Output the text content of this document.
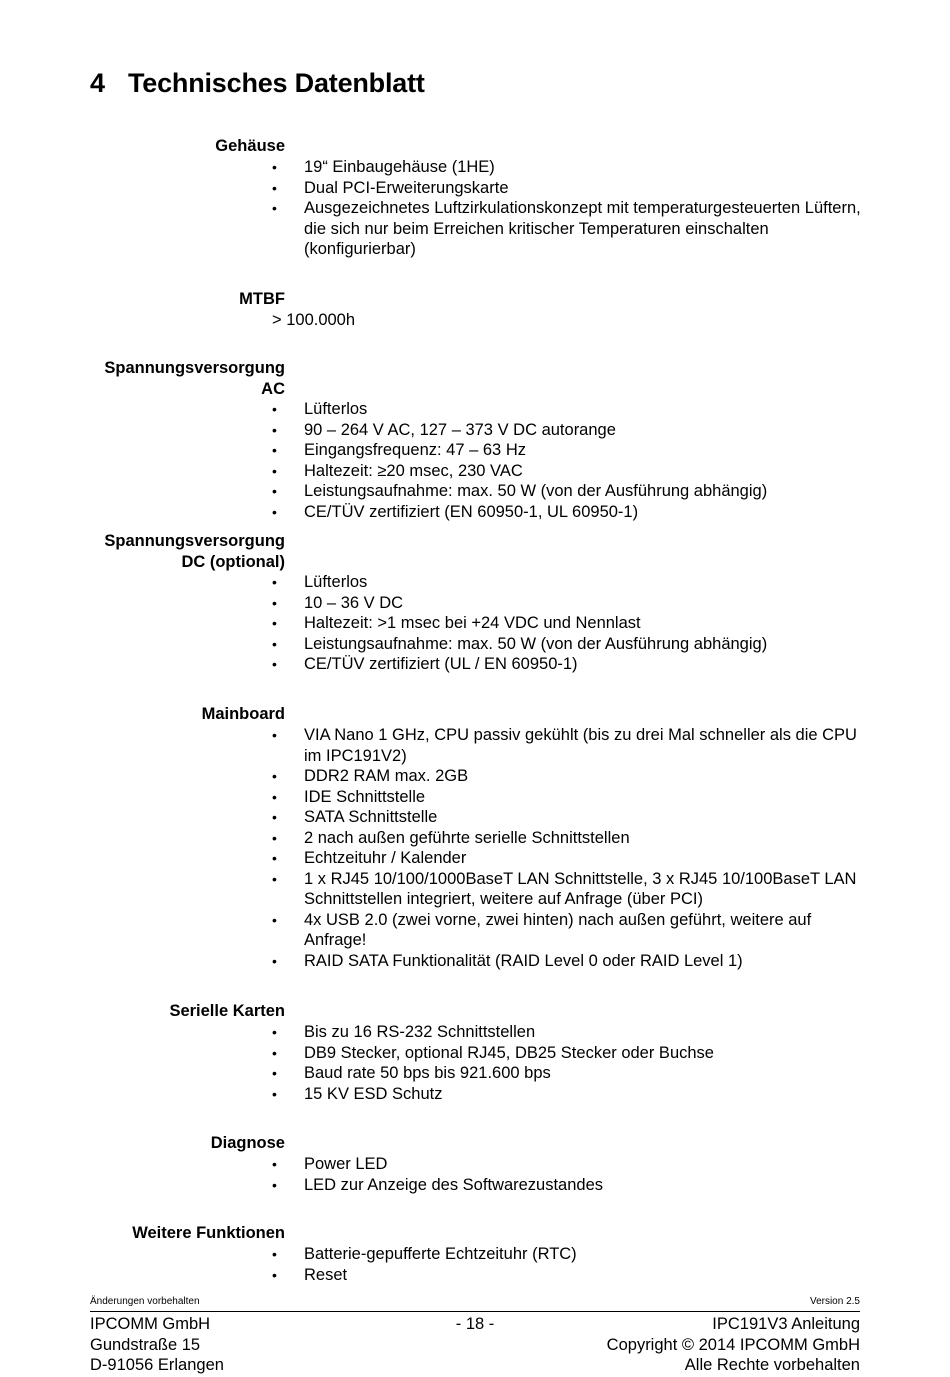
4 Technisches Datenblatt
Gehäuse
• 19“ Einbaugehäuse (1HE)
• Dual PCI-Erweiterungskarte
• Ausgezeichnetes Luftzirkulationskonzept mit temperaturgesteuerten Lüftern, die sich nur beim Erreichen kritischer Temperaturen einschalten (konfigurierbar)
MTBF
> 100.000h
Spannungsversorgung
AC
• Lüfterlos
• 90 – 264 V AC, 127 – 373 V DC autorange
• Eingangsfrequenz: 47 – 63 Hz
• Haltezeit: ≥20 msec, 230 VAC
• Leistungsaufnahme: max. 50 W (von der Ausführung abhängig)
• CE/TÜV zertifiziert (EN 60950-1, UL 60950-1)
Spannungsversorgung
DC (optional)
• Lüfterlos
• 10 – 36 V DC
• Haltezeit: >1 msec bei +24 VDC und Nennlast
• Leistungsaufnahme: max. 50 W (von der Ausführung abhängig)
• CE/TÜV zertifiziert (UL / EN 60950-1)
Mainboard
• VIA Nano 1 GHz, CPU passiv gekühlt (bis zu drei Mal schneller als die CPU im IPC191V2)
• DDR2 RAM max. 2GB
• IDE Schnittstelle
• SATA Schnittstelle
• 2 nach außen geführte serielle Schnittstellen
• Echtzeituhr / Kalender
• 1 x RJ45 10/100/1000BaseT LAN Schnittstelle, 3 x RJ45 10/100BaseT LAN Schnittstellen integriert, weitere auf Anfrage (über PCI)
• 4x USB 2.0 (zwei vorne, zwei hinten) nach außen geführt, weitere auf Anfrage!
• RAID SATA Funktionalität (RAID Level 0 oder RAID Level 1)
Serielle Karten
• Bis zu 16 RS-232 Schnittstellen
• DB9 Stecker, optional RJ45, DB25 Stecker oder Buchse
• Baud rate 50 bps bis 921.600 bps
• 15 KV ESD Schutz
Diagnose
• Power LED
• LED zur Anzeige des Softwarezustandes
Weitere Funktionen
• Batterie-gepufferte Echtzeituhr (RTC)
• Reset
Änderungen vorbehalten	Version 2.5
IPCOMM GmbH
Gundstraße 15
D-91056 Erlangen
- 18 -	IPC191V3 Anleitung
Copyright © 2014 IPCOMM GmbH
Alle Rechte vorbehalten
